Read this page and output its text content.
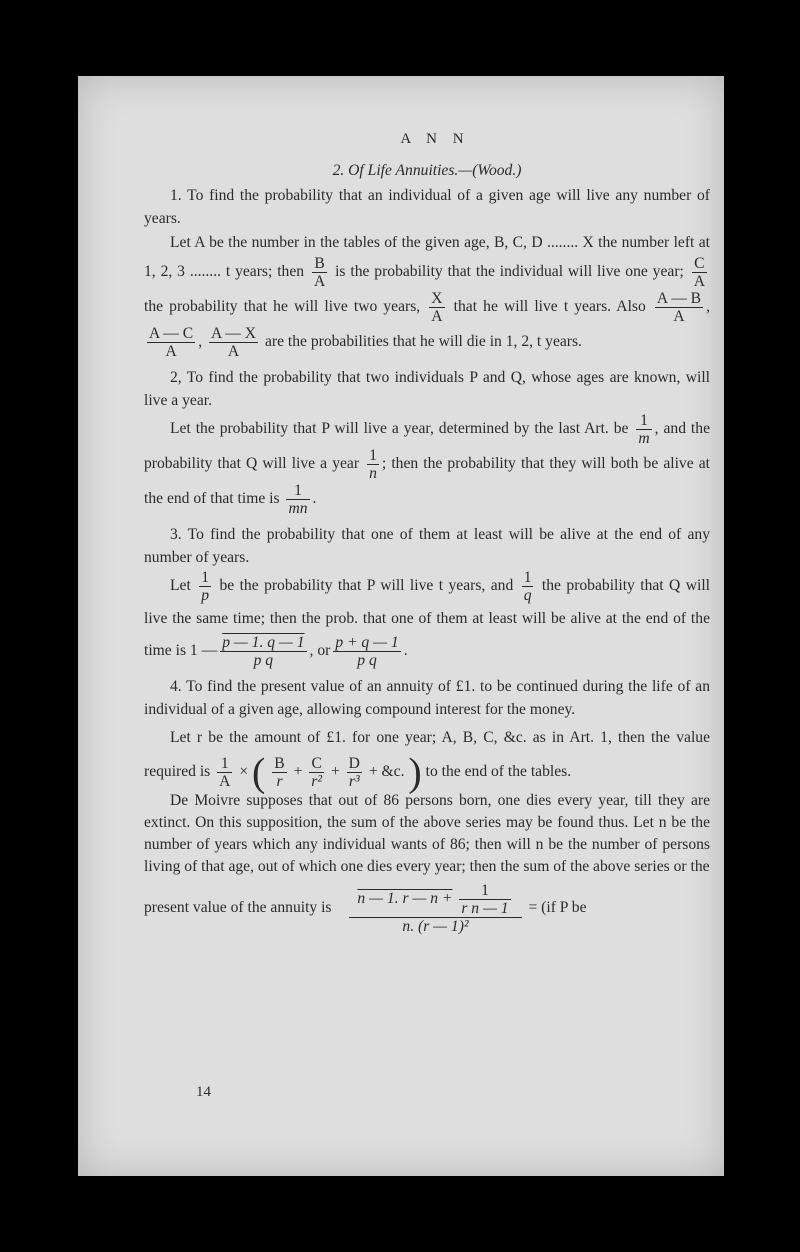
A N N
2. Of Life Annuities.—(Wood.)

1. To find the probability that an individual of a given age will live any number of years.

Let A be the number in the tables of the given age, B, C, D ........ X the number left at 1, 2, 3 ........ t years; then $\frac{B}{A}$ is the probability that the individual will live one year; $\frac{C}{A}$
the probability that he will live two years, $\frac{X}{A}$ that he will live t years. Also $\frac{A — B}{A}$ ,
$\frac{A — C}{A}$ , $\frac{A — X}{A}$ are the probabilities that he will die in 1, 2, t years.

2, To find the probability that two individuals P and Q, whose ages are known, will live a year.

Let the probability that P will live a year, determined by the last Art. be $\frac{1}{m}$ , and the probability that Q will live a year $\frac{1}{n}$ ; then the probability that they will both be alive at the end of that time is $\frac{1}{mn}$ .

3. To find the probability that one of them at least will be alive at the end of any number of years.

Let $\frac{1}{p}$ be the probability that P will live t years, and $\frac{1}{q}$ the probability that Q will live the same time; then the prob. that one of them at least will be alive at the end of the time is 1 — $\frac{p — 1. q — 1}{\text{p q}}$ , or $\frac{p + q — 1}{\text{p q}}$ .

4. To find the present value of an annuity of £1. to be continued during the life of an individual of a given age, allowing compound interest for the money.

Let r be the amount of £1. for one year; A, B, C, &c. as in Art. 1, then the value required is $\frac{1}{A}$ × ( $\frac{B}{r} + \frac{C}{\text{r²}} + \frac{D}{\text{r³}}$ + &c. ) to the end of the tables.

De Moivre supposes that out of 86 persons born, one dies every year, till they are extinct. On this supposition, the sum of the above series may be found thus. Let n be the number of years which any individual wants of 86; then will n be the number of persons living of that age, out of which one dies every year; then the sum of the above series or the

present value of the annuity is $\frac{n — 1. r — n + \frac{1}{\text{r n — 1}}}{\text{n. (r — 1)²}} = (if$ P be

14
